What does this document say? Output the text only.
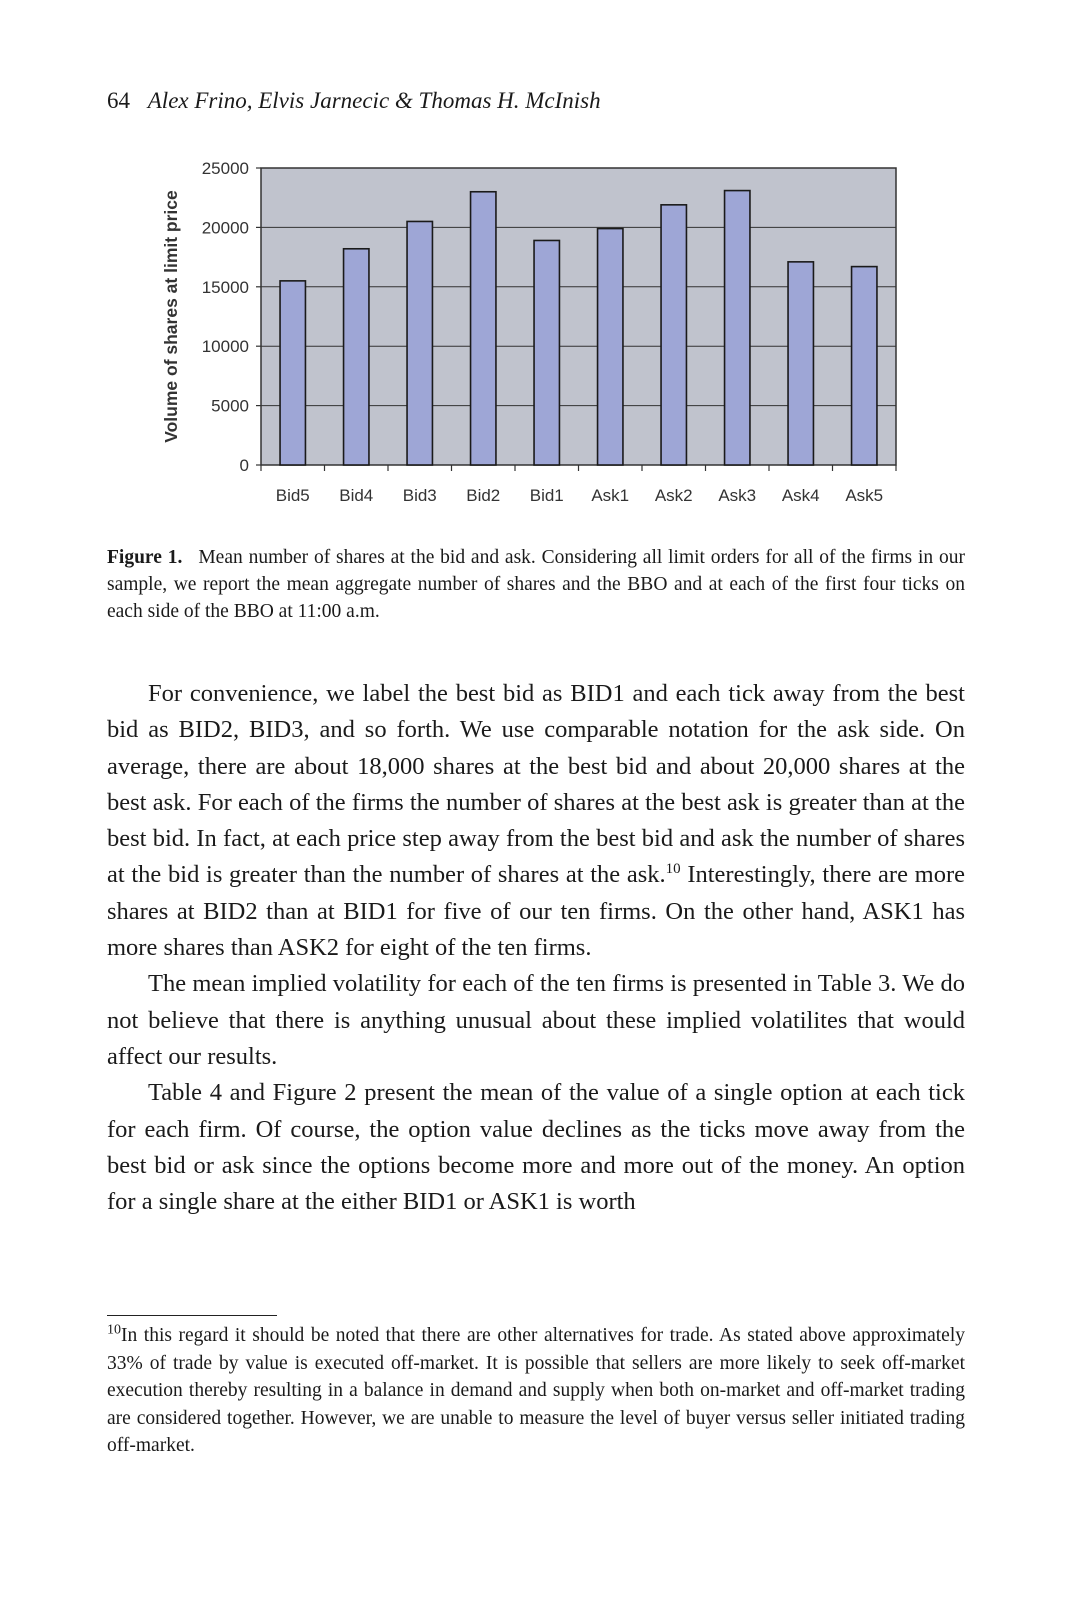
64 Alex Frino, Elvis Jarnecic & Thomas H. McInish
0
5000
10000
15000
20000
25000
Volume of shares at limit price
Bid5 Bid4 Bid3 Bid2 Bid1 Ask1 Ask2 Ask3 Ask4 Ask5
Figure 1. Mean number of shares at the bid and ask. Considering all limit orders for all of the firms in our sample, we report the mean aggregate number of shares and the BBO and at each of the first four ticks on each side of the BBO at 11:00 a.m.

For convenience, we label the best bid as BID1 and each tick away from the best bid as BID2, BID3, and so forth. We use comparable notation for the ask side. On average, there are about 18,000 shares at the best bid and about 20,000 shares at the best ask. For each of the firms the number of shares at the best ask is greater than at the best bid. In fact, at each price step away from the best bid and ask the number of shares at the bid is greater than the number of shares at the ask.$^{10}$ Interestingly, there are more shares at BID2 than at BID1 for five of our ten firms. On the other hand, ASK1 has more shares than ASK2 for eight of the ten firms.

The mean implied volatility for each of the ten firms is presented in Table 3. We do not believe that there is anything unusual about these implied volatilites that would affect our results.

Table 4 and Figure 2 present the mean of the value of a single option at each tick for each firm. Of course, the option value declines as the ticks move away from the best bid or ask since the options become more and more out of the money. An option for a single share at the either BID1 or ASK1 is worth

$^{10}$In this regard it should be noted that there are other alternatives for trade. As stated above approximately 33% of trade by value is executed off-market. It is possible that sellers are more likely to seek off-market execution thereby resulting in a balance in demand and supply when both on-market and off-market trading are considered together. However, we are unable to measure the level of buyer versus seller initiated trading off-market.
